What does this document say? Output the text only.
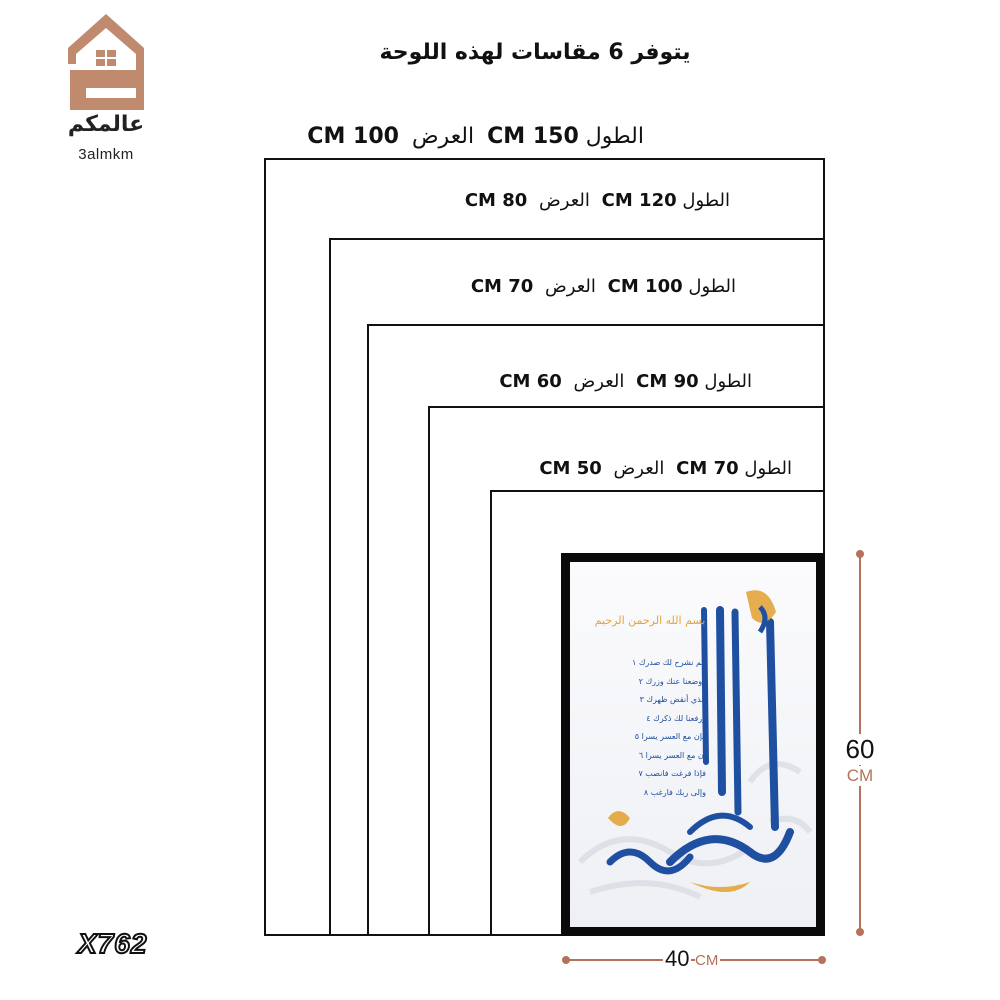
عالمكم
3almkm
يتوفر 6 مقاسات لهذه اللوحة
الطول 150 CM العرض 100 CM
الطول 120 CM العرض 80 CM
الطول 100 CM العرض 70 CM
الطول 90 CM العرض 60 CM
الطول 70 CM العرض 50 CM
بسم الله الرحمن الرحيم
ألم نشرح لك صدرك ١
ووضعنا عنك وزرك ٢
الذي أنقض ظهرك ٣
ورفعنا لك ذكرك ٤
فإن مع العسر يسرا ٥
إن مع العسر يسرا ٦
فإذا فرغت فانصب ٧
وإلى ربك فارغب ٨
60
CM
40 CM
X762
